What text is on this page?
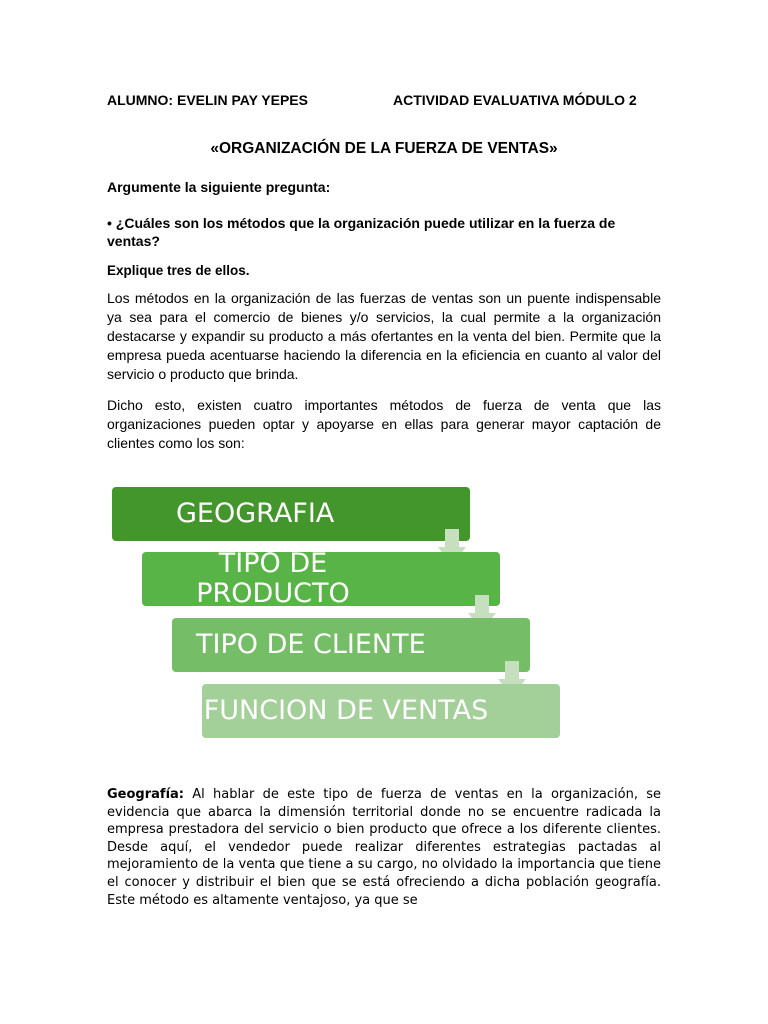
ALUMNO: EVELIN PAY YEPES	ACTIVIDAD EVALUATIVA MÓDULO 2
«ORGANIZACIÓN DE LA FUERZA DE VENTAS»
Argumente la siguiente pregunta:
• ¿Cuáles son los métodos que la organización puede utilizar en la fuerza de ventas?
Explique tres de ellos.
Los métodos en la organización de las fuerzas de ventas son un puente indispensable ya sea para el comercio de bienes y/o servicios, la cual permite a la organización destacarse y expandir su producto a más ofertantes en la venta del bien. Permite que la empresa pueda acentuarse haciendo la diferencia en la eficiencia en cuanto al valor del servicio o producto que brinda.
Dicho esto, existen cuatro importantes métodos de fuerza de venta que las organizaciones pueden optar y apoyarse en ellas para generar mayor captación de clientes como los son:
GEOGRAFIA
TIPO DE PRODUCTO
TIPO DE CLIENTE
FUNCION DE VENTAS
Geografía: Al hablar de este tipo de fuerza de ventas en la organización, se evidencia que abarca la dimensión territorial donde no se encuentre radicada la empresa prestadora del servicio o bien producto que ofrece a los diferente clientes. Desde aquí, el vendedor puede realizar diferentes estrategias pactadas al mejoramiento de la venta que tiene a su cargo, no olvidado la importancia que tiene el conocer y distribuir el bien que se está ofreciendo a dicha población geografía. Este método es altamente ventajoso, ya que se
